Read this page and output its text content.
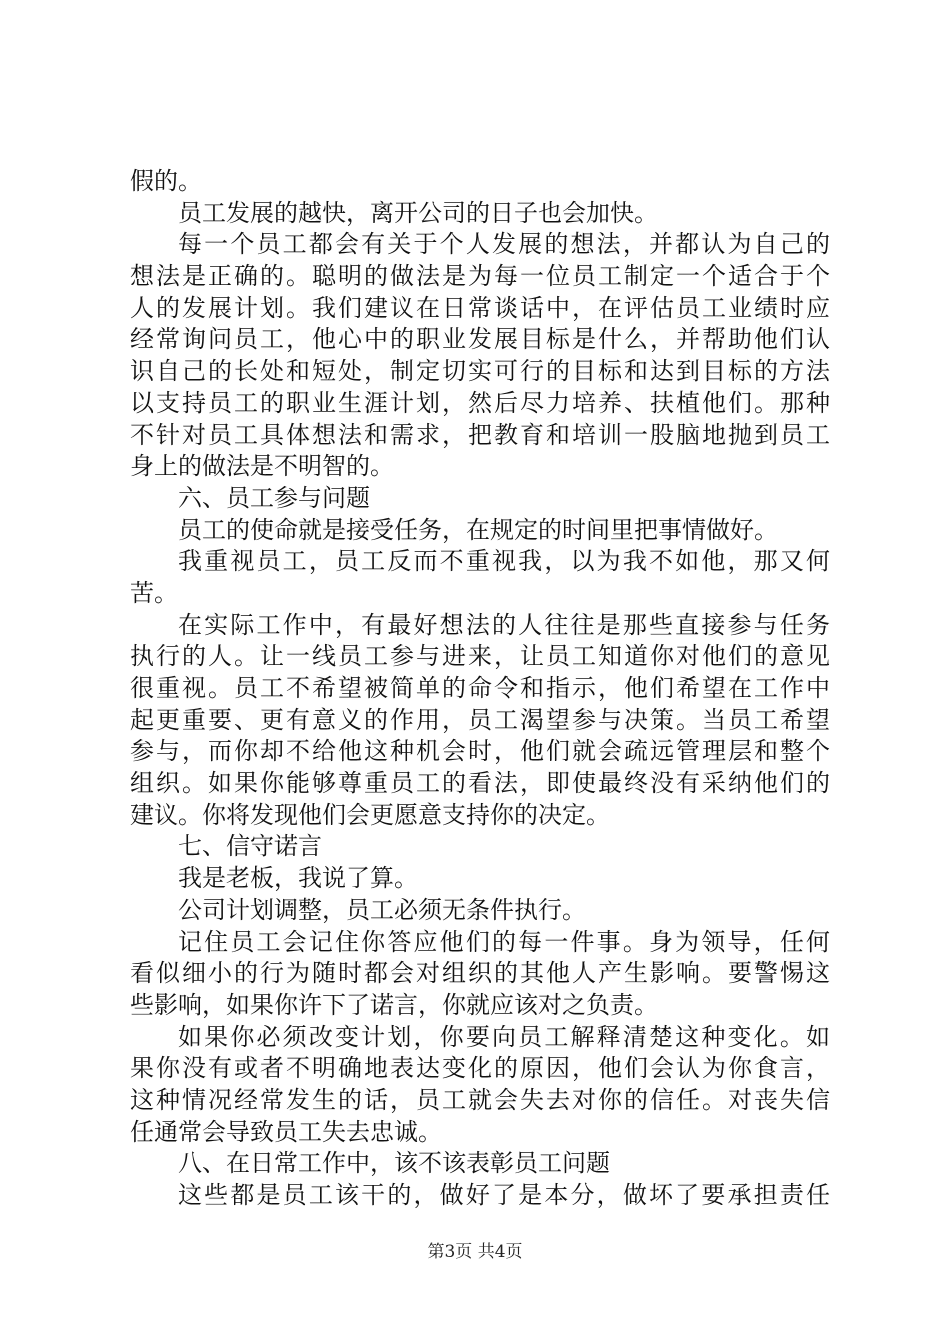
假的。
员工发展的越快，离开公司的日子也会加快。
每一个员工都会有关于个人发展的想法，并都认为自己的
想法是正确的。聪明的做法是为每一位员工制定一个适合于个
人的发展计划。我们建议在日常谈话中，在评估员工业绩时应
经常询问员工，他心中的职业发展目标是什么，并帮助他们认
识自己的长处和短处，制定切实可行的目标和达到目标的方法
以支持员工的职业生涯计划，然后尽力培养、扶植他们。那种
不针对员工具体想法和需求，把教育和培训一股脑地抛到员工
身上的做法是不明智的。
六、员工参与问题
员工的使命就是接受任务，在规定的时间里把事情做好。
我重视员工，员工反而不重视我，以为我不如他，那又何
苦。
在实际工作中，有最好想法的人往往是那些直接参与任务
执行的人。让一线员工参与进来，让员工知道你对他们的意见
很重视。员工不希望被简单的命令和指示，他们希望在工作中
起更重要、更有意义的作用，员工渴望参与决策。当员工希望
参与，而你却不给他这种机会时，他们就会疏远管理层和整个
组织。如果你能够尊重员工的看法，即使最终没有采纳他们的
建议。你将发现他们会更愿意支持你的决定。
七、信守诺言
我是老板，我说了算。
公司计划调整，员工必须无条件执行。
记住员工会记住你答应他们的每一件事。身为领导，任何
看似细小的行为随时都会对组织的其他人产生影响。要警惕这
些影响，如果你许下了诺言，你就应该对之负责。
如果你必须改变计划，你要向员工解释清楚这种变化。如
果你没有或者不明确地表达变化的原因，他们会认为你食言，
这种情况经常发生的话，员工就会失去对你的信任。对丧失信
任通常会导致员工失去忠诚。
八、在日常工作中，该不该表彰员工问题
这些都是员工该干的，做好了是本分，做坏了要承担责任
第3页 共4页
